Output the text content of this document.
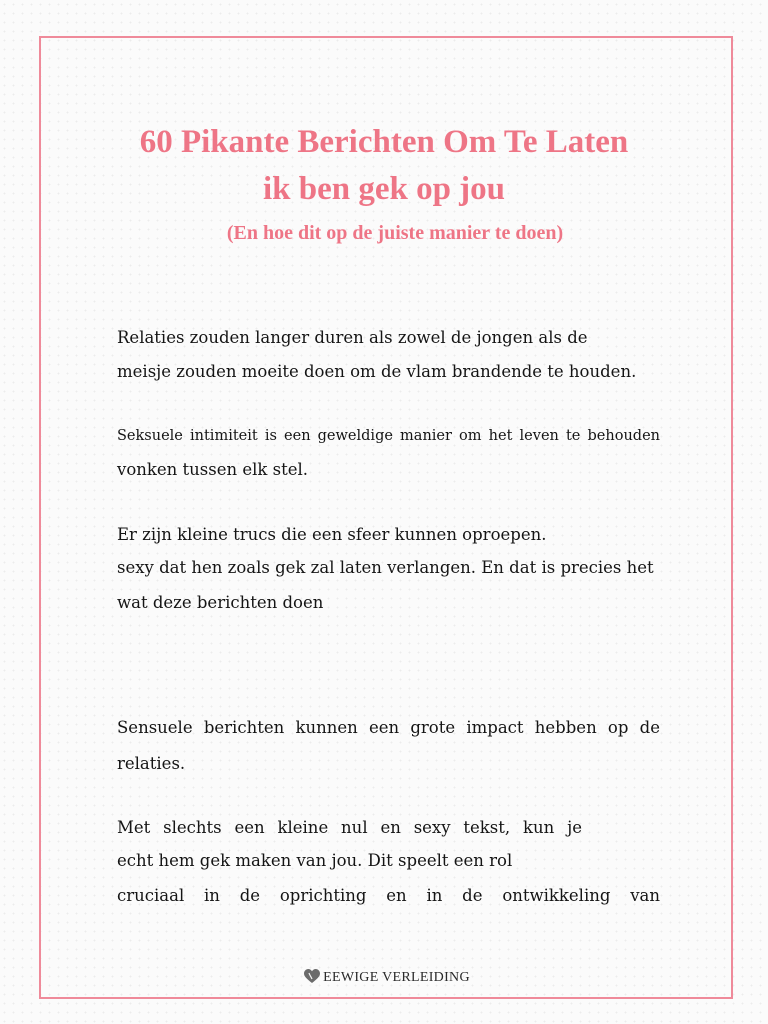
60 Pikante Berichten Om Te Laten
ik ben gek op jou
(En hoe dit op de juiste manier te doen)
Relaties zouden langer duren als zowel de jongen als de
meisje zouden moeite doen om de vlam brandende te houden.
Seksuele intimiteit is een geweldige manier om het leven te behouden
vonken tussen elk stel.
Er zijn kleine trucs die een sfeer kunnen oproepen.
sexy dat hen zoals gek zal laten verlangen. En dat is precies het
wat deze berichten doen
Sensuele berichten kunnen een grote impact hebben op de
relaties.
Met slechts een kleine nul en sexy tekst, kun je
echt hem gek maken van jou. Dit speelt een rol
cruciaal in de oprichting en in de ontwikkeling van
EEWIGE VERLEIDING
